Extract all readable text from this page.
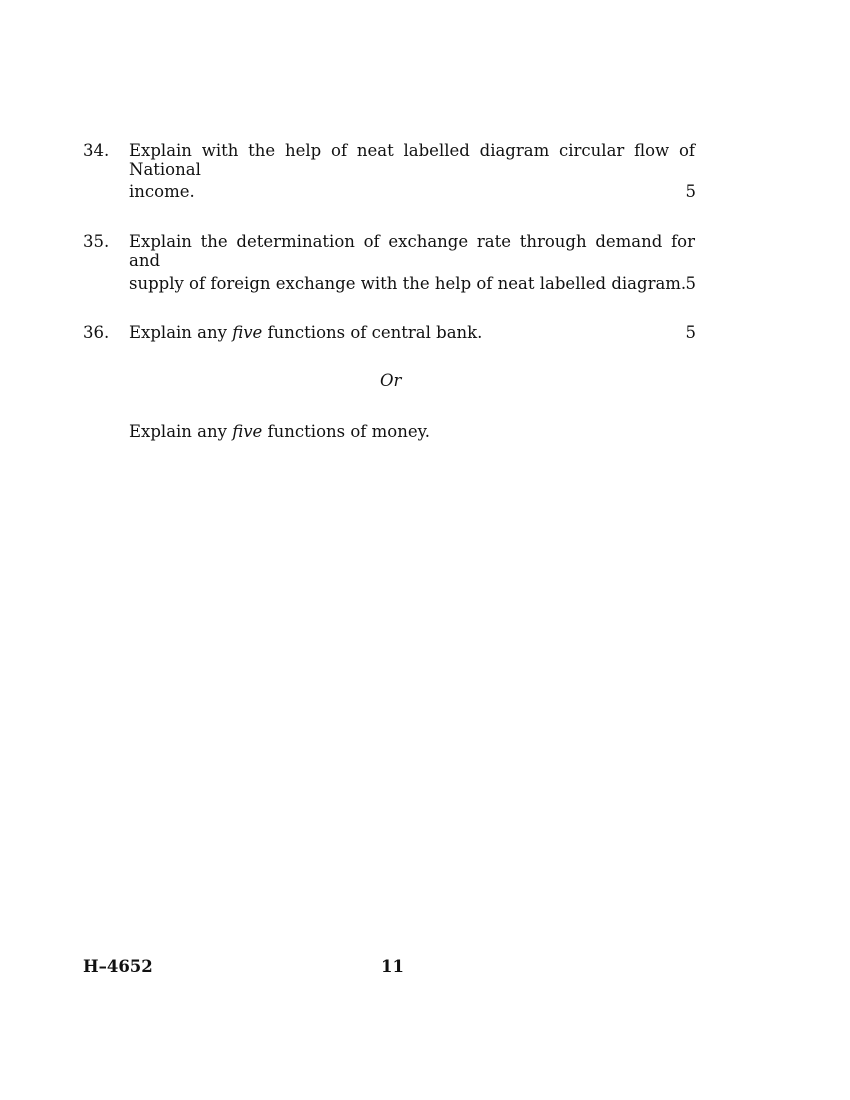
34. Explain with the help of neat labelled diagram circular flow of National
income.	5
35. Explain the determination of exchange rate through demand for and
supply of foreign exchange with the help of neat labelled diagram. 5
36. Explain any five functions of central bank.	5
Or
Explain any five functions of money.
H–4652	11
